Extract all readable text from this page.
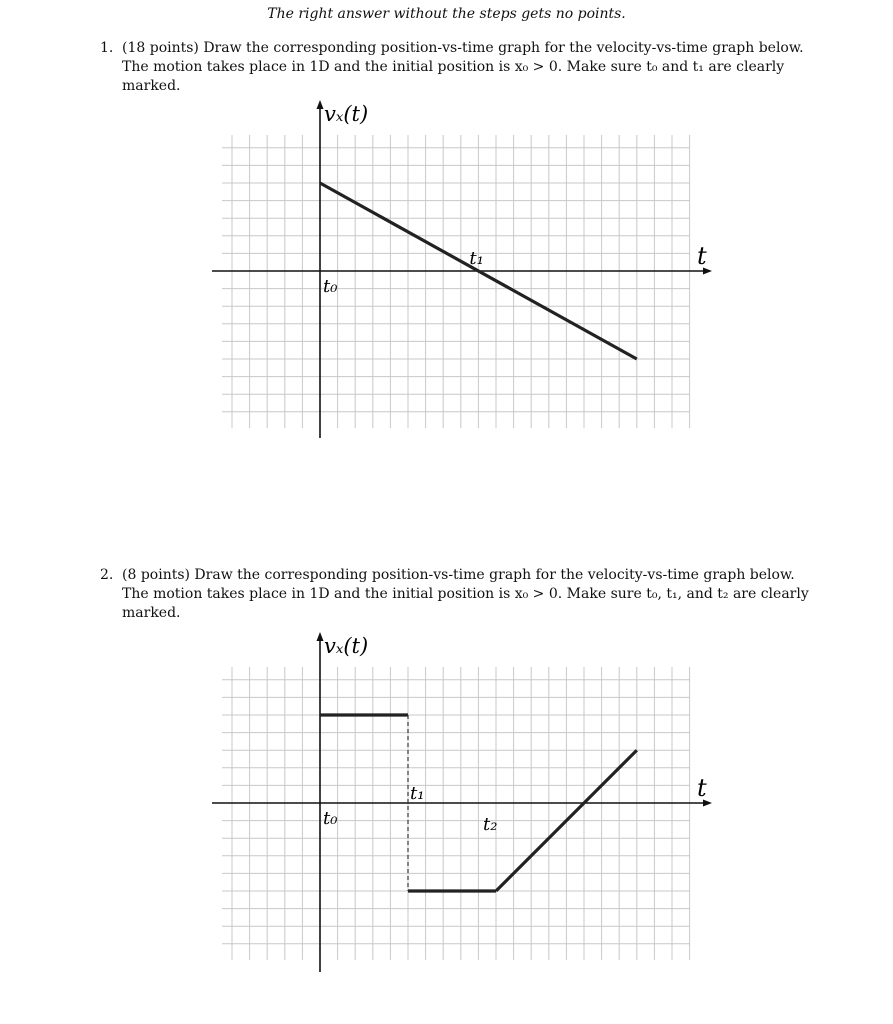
The right answer without the steps gets no points.
1. (18 points) Draw the corresponding position-vs-time graph for the velocity-vs-time graph below. The motion takes place in 1D and the initial position is x₀ > 0. Make sure t₀ and t₁ are clearly marked.
2. (8 points) Draw the corresponding position-vs-time graph for the velocity-vs-time graph below. The motion takes place in 1D and the initial position is x₀ > 0. Make sure t₀, t₁, and t₂ are clearly marked.
vₓ(t)
t
t₀
t₁
vₓ(t)
t
t₀
t₁
t₂
